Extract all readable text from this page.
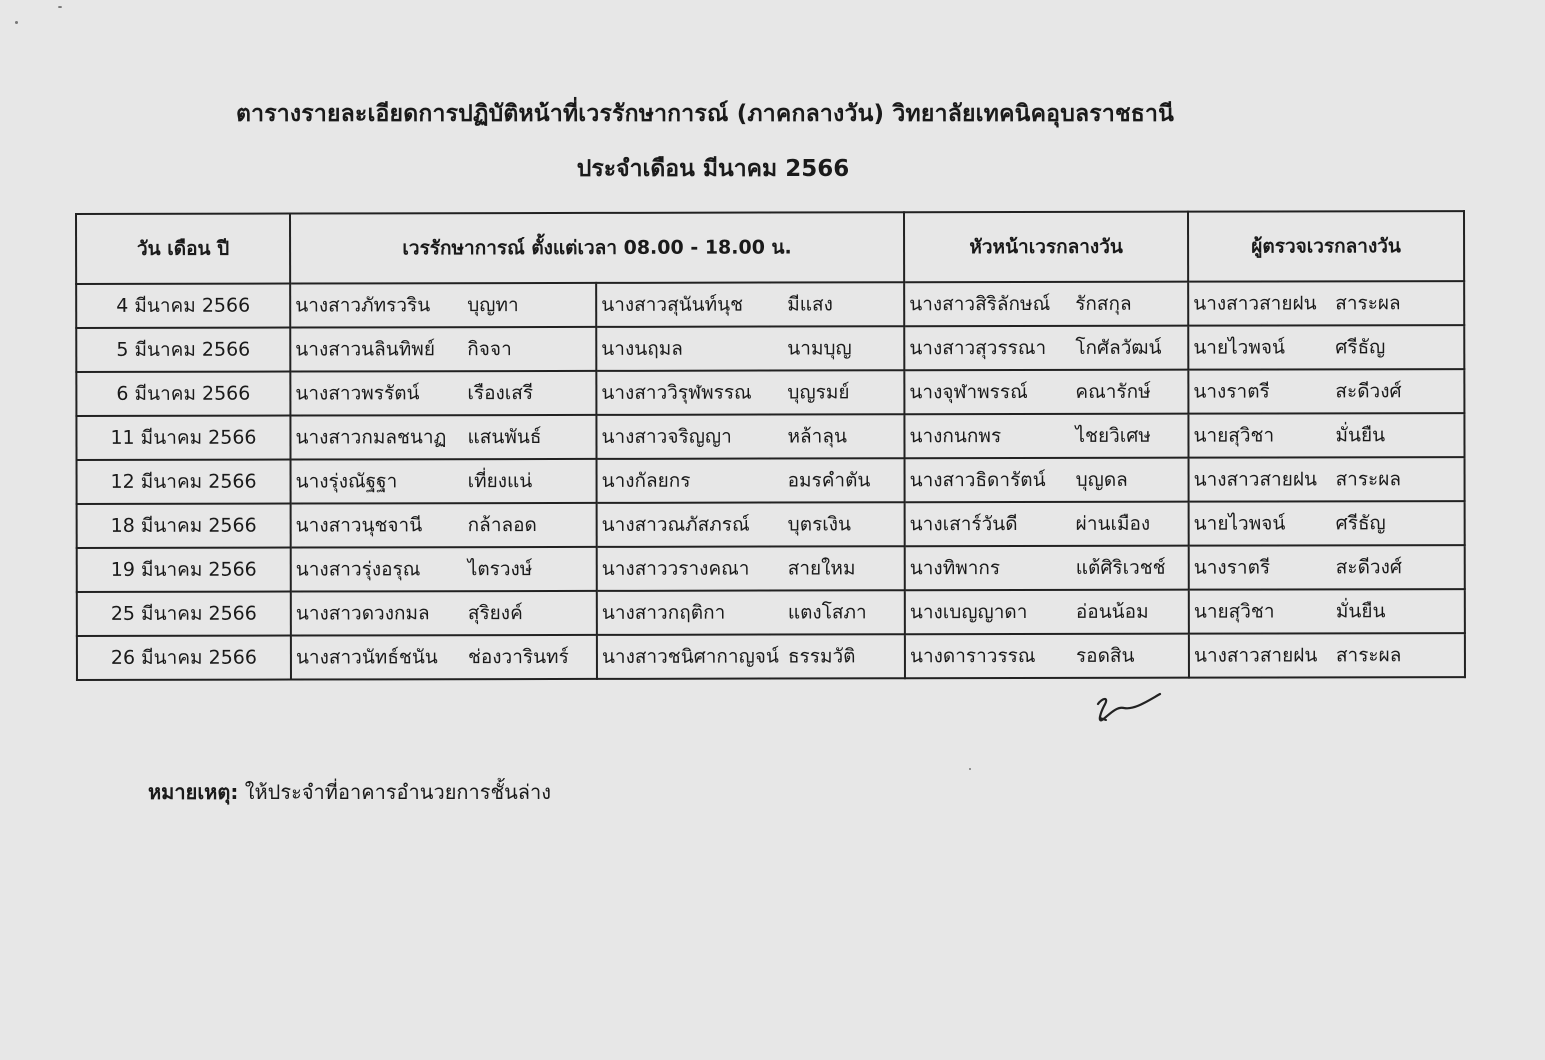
ตารางรายละเอียดการปฏิบัติหน้าที่เวรรักษาการณ์ (ภาคกลางวัน) วิทยาลัยเทคนิคอุบลราชธานี
ประจำเดือน มีนาคม 2566
วัน เดือน ปี	เวรรักษาการณ์ ตั้งแต่เวลา 08.00 - 18.00 น.		หัวหน้าเวรกลางวัน	ผู้ตรวจเวรกลางวัน
4 มีนาคม 2566	นางสาวภัทรวริน บุญทา	นางสาวสุนันท์นุช มีแสง	นางสาวสิริลักษณ์ รักสกุล	นางสาวสายฝน สาระผล

5 มีนาคม 2566	นางสาวนลินทิพย์ กิจจา	นางนฤมล นามบุญ	นางสาวสุวรรณา โกศัลวัฒน์	นายไวพจน์ ศรีธัญ

6 มีนาคม 2566	นางสาวพรรัตน์ เรืองเสรี	นางสาววิรุฬพรรณ บุญรมย์	นางจุฬาพรรณ์ คณารักษ์	นางราตรี สะดีวงศ์

11 มีนาคม 2566	นางสาวกมลชนาฏ แสนพันธ์	นางสาวจริญญา หล้าลุน	นางกนกพร ไชยวิเศษ	นายสุวิชา มั่นยืน

12 มีนาคม 2566	นางรุ่งณัฐฐา เที่ยงแน่	นางกัลยกร อมรคำตัน	นางสาวธิดารัตน์ บุญดล	นางสาวสายฝน สาระผล

18 มีนาคม 2566	นางสาวนุชจานี กล้าลอด	นางสาวณภัสภรณ์ บุตรเงิน	นางเสาร์วันดี ผ่านเมือง	นายไวพจน์ ศรีธัญ

19 มีนาคม 2566	นางสาวรุ่งอรุณ ไตรวงษ์	นางสาววรางคณา สายใหม	นางทิพากร แต้ศิริเวชช์	นางราตรี สะดีวงศ์

25 มีนาคม 2566	นางสาวดวงกมล สุริยงค์	นางสาวกฤติกา แตงโสภา	นางเบญญาดา อ่อนน้อม	นายสุวิชา มั่นยืน

26 มีนาคม 2566	นางสาวนัทธ์ชนัน ช่องวารินทร์	นางสาวชนิศากาญจน์ ธรรมวัติ	นางดาราวรรณ รอดสิน	นางสาวสายฝน สาระผล
หมายเหตุ: ให้ประจำที่อาคารอำนวยการชั้นล่าง
